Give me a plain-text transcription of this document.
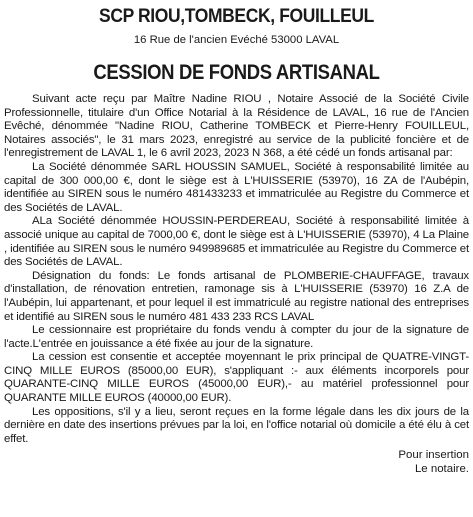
SCP RIOU,TOMBECK, FOUILLEUL
16 Rue de l'ancien Evéché 53000 LAVAL
CESSION DE FONDS ARTISANAL

Suivant acte reçu par Maître Nadine RIOU , Notaire Associé de la Société Civile Professionnelle, titulaire d'un Office Notarial à la Résidence de LAVAL, 16 rue de l'Ancien Evêché, dénommée "Nadine RIOU, Catherine TOMBECK et Pierre-Henry FOUILLEUL, Notaires associés", le 31 mars 2023, enregistré au service de la publicité foncière et de l'enregistrement de LAVAL 1, le 6 avril 2023, 2023 N 368, a été cédé un fonds artisanal par:

La Société dénommée SARL HOUSSIN SAMUEL, Société à responsabilité limitée au capital de 300 000,00 €, dont le siège est à L'HUISSERIE (53970), 16 ZA de l'Aubépin, identifiée au SIREN sous le numéro 481433233 et immatriculée au Registre du Commerce et des Sociétés de LAVAL.

ALa Société dénommée HOUSSIN-PERDEREAU, Société à responsabilité limitée à associé unique au capital de 7000,00 €, dont le siège est à L'HUISSERIE (53970), 4 La Plaine , identifiée au SIREN sous le numéro 949989685 et immatriculée au Registre du Commerce et des Sociétés de LAVAL.

Désignation du fonds: Le fonds artisanal de PLOMBERIE-CHAUFFAGE, travaux d'installation, de rénovation entretien, ramonage sis à L'HUISSERIE (53970) 16 Z.A de l'Aubépin, lui appartenant, et pour lequel il est immatriculé au registre national des entreprises et identifié au SIREN sous le numéro 481 433 233 RCS LAVAL

Le cessionnaire est propriétaire du fonds vendu à compter du jour de la signature de l'acte.L'entrée en jouissance a été fixée au jour de la signature.

La cession est consentie et acceptée moyennant le prix principal de QUATRE-VINGT-CINQ MILLE EUROS (85000,00 EUR), s'appliquant :- aux éléments incorporels pour QUARANTE-CINQ MILLE EUROS (45000,00 EUR),- au matériel professionnel pour QUARANTE MILLE EUROS (40000,00 EUR).

Les oppositions, s'il y a lieu, seront reçues en la forme légale dans les dix jours de la dernière en date des insertions prévues par la loi, en l'office notarial où domicile a été élu à cet effet.

Pour insertion
Le notaire.
